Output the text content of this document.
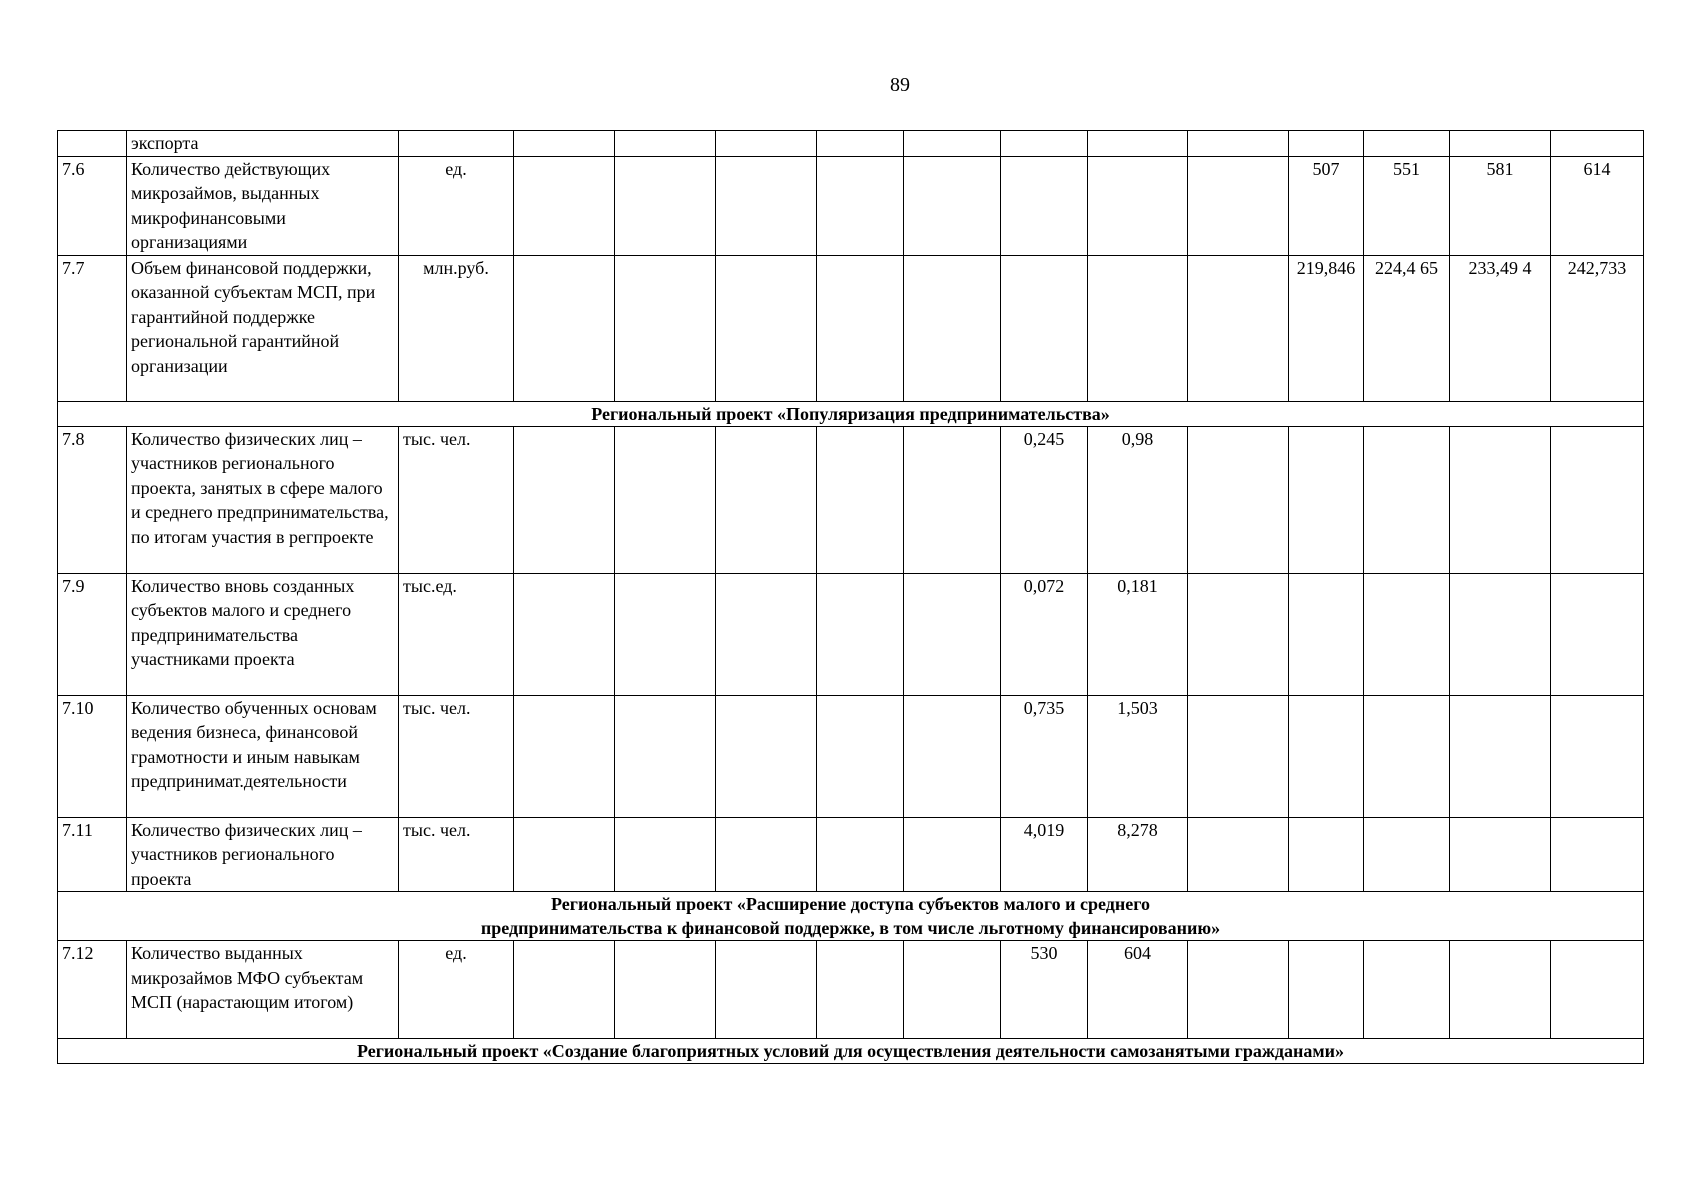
89
	экспорта														
7.6	Количество действующих микрозаймов, выданных микрофинансовыми организациями	ед.									507	551	581	614	
7.7	Объем финансовой поддержки, оказанной субъектам МСП, при гарантийной поддержке региональной гарантийной организации	млн.руб.									219,846	224,4 65	233,49 4	242,733	
Региональный проект «Популяризация предпринимательства»															
7.8	Количество физических лиц – участников регионального проекта, занятых в сфере малого и среднего предпринимательства, по итогам участия в регпроекте	тыс. чел.						0,245	0,98						
7.9	Количество вновь созданных субъектов малого и среднего предпринимательства участниками проекта	тыс.ед.						0,072	0,181						
7.10	Количество обученных основам ведения бизнеса, финансовой грамотности и иным навыкам предпринимат.деятельности	тыс. чел.						0,735	1,503						
7.11	Количество физических лиц – участников регионального проекта	тыс. чел.						4,019	8,278						

Региональный проект «Расширение доступа субъектов малого и среднего
предпринимательства к финансовой поддержке, в том числе льготному финансированию»															

7.12	Количество выданных микрозаймов МФО субъектам МСП (нарастающим итогом)	ед.						530	604						
Региональный проект «Создание благоприятных условий для осуществления деятельности самозанятыми гражданами»															
